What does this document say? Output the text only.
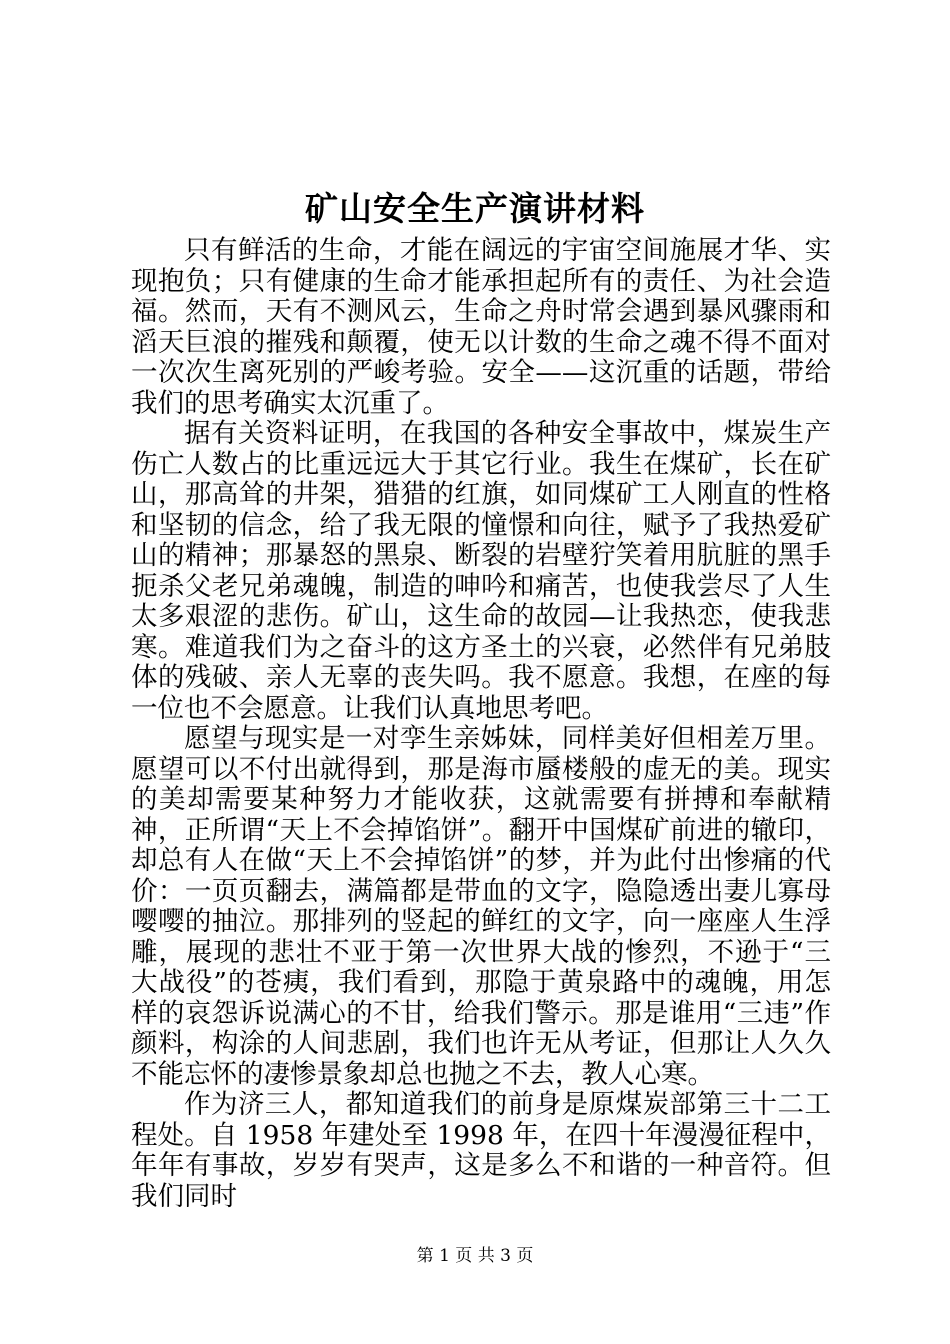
矿山安全生产演讲材料

只有鲜活的生命，才能在阔远的宇宙空间施展才华、实现抱负；只有健康的生命才能承担起所有的责任、为社会造福。然而，天有不测风云，生命之舟时常会遇到暴风骤雨和滔天巨浪的摧残和颠覆，使无以计数的生命之魂不得不面对一次次生离死别的严峻考验。安全——这沉重的话题，带给我们的思考确实太沉重了。

据有关资料证明，在我国的各种安全事故中，煤炭生产伤亡人数占的比重远远大于其它行业。我生在煤矿，长在矿山，那高耸的井架，猎猎的红旗，如同煤矿工人刚直的性格和坚韧的信念，给了我无限的憧憬和向往，赋予了我热爱矿山的精神；那暴怒的黑泉、断裂的岩壁狞笑着用肮脏的黑手扼杀父老兄弟魂魄，制造的呻吟和痛苦，也使我尝尽了人生太多艰涩的悲伤。矿山，这生命的故园—让我热恋，使我悲寒。难道我们为之奋斗的这方圣土的兴衰，必然伴有兄弟肢体的残破、亲人无辜的丧失吗。我不愿意。我想，在座的每一位也不会愿意。让我们认真地思考吧。

愿望与现实是一对孪生亲姊妹，同样美好但相差万里。愿望可以不付出就得到，那是海市蜃楼般的虚无的美。现实的美却需要某种努力才能收获，这就需要有拼搏和奉献精神，正所谓“天上不会掉馅饼”。翻开中国煤矿前进的辙印，却总有人在做“天上不会掉馅饼”的梦，并为此付出惨痛的代价：一页页翻去，满篇都是带血的文字，隐隐透出妻儿寡母嘤嘤的抽泣。那排列的竖起的鲜红的文字，向一座座人生浮雕，展现的悲壮不亚于第一次世界大战的惨烈，不逊于“三大战役”的苍痍，我们看到，那隐于黄泉路中的魂魄，用怎样的哀怨诉说满心的不甘，给我们警示。那是谁用“三违”作颜料，构涂的人间悲剧，我们也许无从考证，但那让人久久不能忘怀的凄惨景象却总也抛之不去，教人心寒。

作为济三人，都知道我们的前身是原煤炭部第三十二工程处。自 1958 年建处至 1998 年，在四十年漫漫征程中，年年有事故，岁岁有哭声，这是多么不和谐的一种音符。但我们同时

第 1 页 共 3 页
